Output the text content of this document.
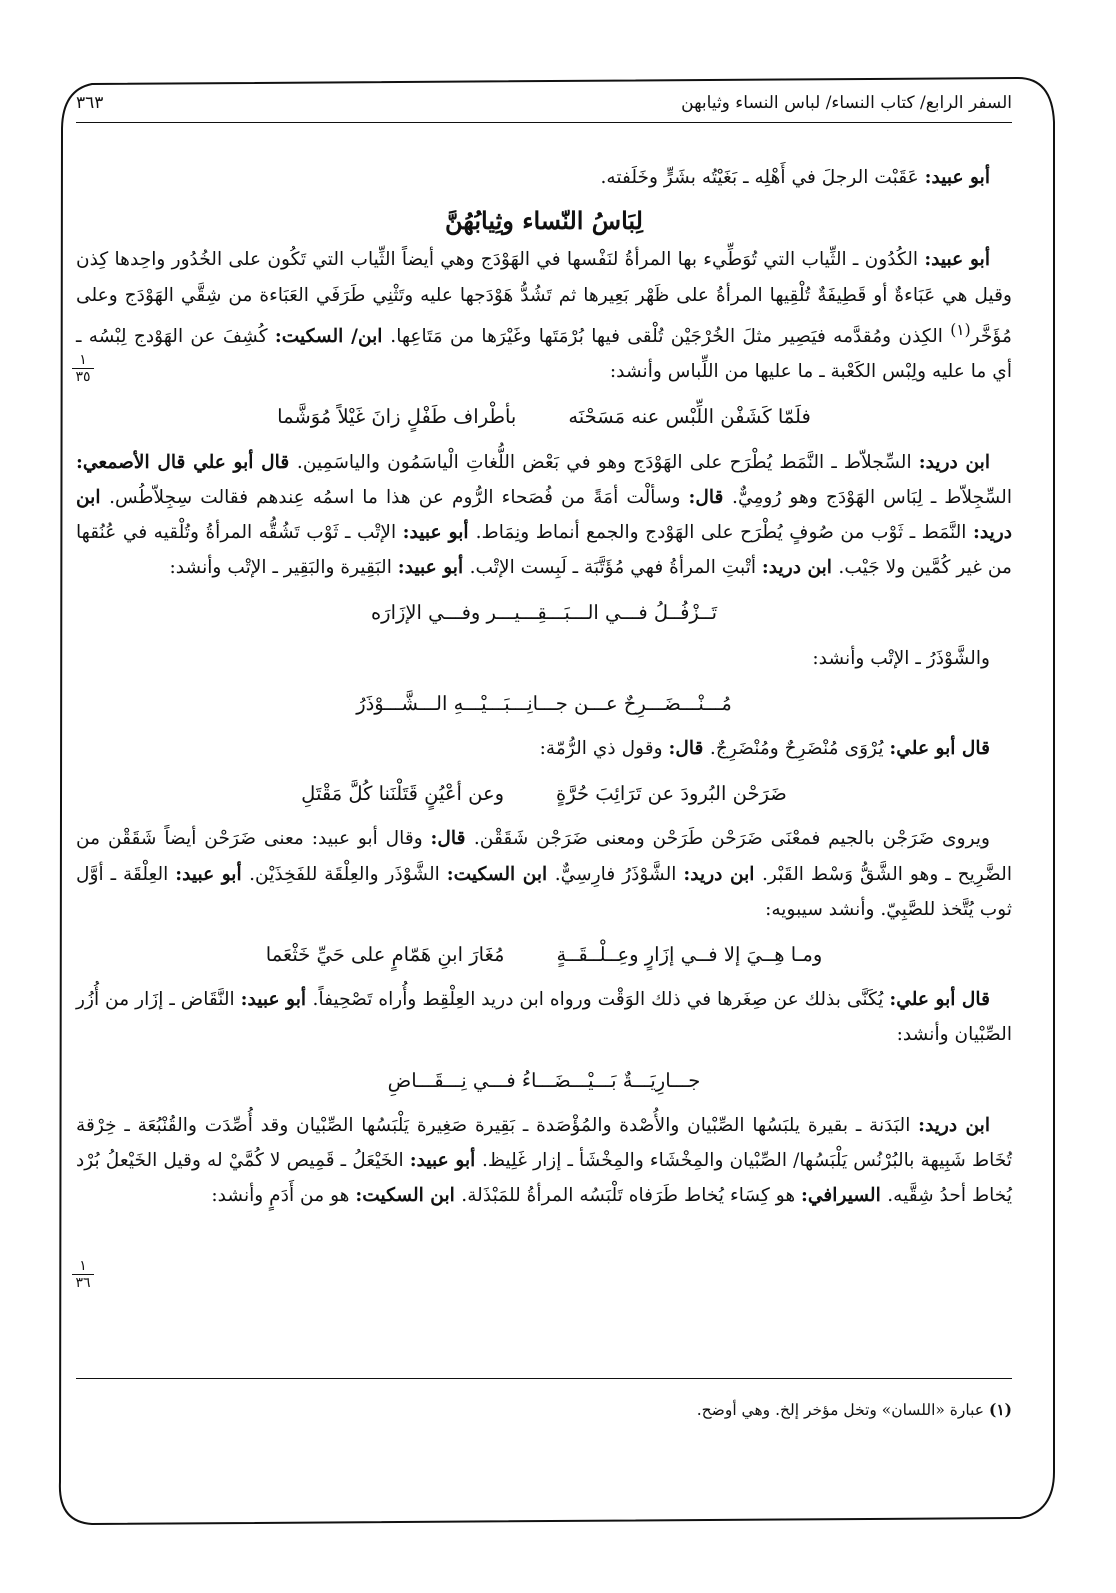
السفر الرابع/ كتاب النساء/ لباس النساء وثيابهن
٣٦٣

أبو عبيد: عَقَبْت الرجلَ في أَهْلِه ـ بَغَيْتُه بشَرٍّ وخَلَفته.

لِبَاسُ النّساء وثِيابُهُنَّ

أبو عبيد: الكُدُون ـ الثِّياب التي تُوَطِّيء بها المرأةُ لنَفْسها في الهَوْدَج وهي أيضاً الثِّياب التي تَكُون على الخُدُور واحِدها كِذن وقيل هي عَبَاءةٌ أو قَطِيفَةٌ تُلْقِيها المرأةُ على ظَهْر بَعِيرها ثم تَشُدُّ هَوْدَجها عليه وتَثْنِي طَرَفَي العَبَاءة من شِقَّي الهَوْدَج وعلى مُؤَخَّر$^{(١)}$ الكِذن ومُقدَّمه فيَصِير مثلَ الخُرْجَيْن تُلْقى فيها بُرْمَتَها وغَيْرَها من مَتَاعِها. ابن/ السكيت: كُشِفَ عن الهَوْدج لِبْسُه ـ أي ما عليه ولِبْس الكَعْبة ـ ما عليها من اللِّباس وأنشد:

فلَمّا كَشَفْن اللِّبْس عنه مَسَحْنَه
بأطْراف طَفْلٍ زانَ غَيْلاً مُوَشَّما

ابن دريد: السِّجلاّط ـ النَّمَط يُطْرَح على الهَوْدَج وهو في بَعْض اللُّغاتِ الْياسَمُون والياسَمِين. قال أبو علي قال الأصمعي: السِّجِلاّط ـ لِبَاس الهَوْدَج وهو رُومِيٌّ. قال: وسألْت أمَةً من فُصَحاء الرُّوم عن هذا ما اسمُه عِندهم فقالت سِجِلاّطُس. ابن دريد: النَّمَط ـ ثَوْب من صُوفٍ يُطْرَح على الهَوْدج والجمع أنماط ونِمَاط. أبو عبيد: الإتْب ـ ثَوْب تَشُقُّه المرأةُ وتُلْقيه في عُنُقها من غير كُمَّين ولا جَيْب. ابن دريد: أتْبتِ المرأةُ فهي مُؤَتَّبَة ـ لَبِست الإتْب. أبو عبيد: البَقِيرة والبَقِير ـ الإتْب وأنشد:

تَــزْفُــلُ فـــي الـــبَـــقِـــيـــر وفـــي الإزَارَه

والشَّوْذَرُ ـ الإتْب وأنشد:

مُـــنْـــضَـــرِحٌ عـــن جـــانِـــبَـــيْـــهِ الـــشَّـــوْذَرُ

قال أبو علي: يُرْوَى مُنْضَرِحٌ ومُنْضَرِجٌ. قال: وقول ذي الرُّمّة:

ضَرَحْن البُرودَ عن تَرَائِبَ حُرَّةٍ
وعن أعْيُنٍ قَتَلْنَنا كُلَّ مَقْتَلِ

ويروى ضَرَجْن بالجيم فمعْنَى ضَرَحْن طَرَحْن ومعنى ضَرَجْن شَقَقْن. قال: وقال أبو عبيد: معنى ضَرَحْن أيضاً شَقَقْن من الضَّرِيح ـ وهو الشَّقُّ وَسْط القَبْر. ابن دريد: الشَّوْذَرُ فارِسِيٌّ. ابن السكيت: الشَّوْذَر والعِلْقَة للفَخِذَيْن. أبو عبيد: العِلْقَة ـ أوَّل ثوب يُتَّخذ للصَّبِيّ. وأنشد سيبويه:

ومـا هِــيَ إلا فــي إزَارٍ وعِــلْــقَــةٍ
مُغَارَ ابنِ هَمّامٍ على حَيِّ خَثْعَما

قال أبو علي: يُكَنَّى بذلك عن صِغَرها في ذلك الوَقْت ورواه ابن دريد العِلْقِط وأُراه تَصْحِيفاً. أبو عبيد: النَّقَاض ـ إزَار من أُزُر الصِّبْيان وأنشد:

جـــارِيَـــةٌ بَـــيْـــضَـــاءُ فـــي نِـــقَـــاضِ

ابن دريد: البَدَنة ـ بقيرة يلبَسُها الصِّبْيان والأُصْدة والمُؤْصَدة ـ بَقِيرة صَغِيرة يَلْبَسُها الصِّبْيان وقد أُصِّدَت والقُنْبُعَة ـ خِرْقة تُخَاط شَبِيهة بالبُرْنُس يَلْبَسُها/ الصِّبْيان والمِخْشَاء والمِخْشَأ ـ إزار غَلِيظ. أبو عبيد: الخَيْعَلُ ـ قَمِيص لا كُمَّيْ له وقيل الخَيْعلُ بُرْد يُخاط أحدُ شِقَّيه. السيرافي: هو كِسَاء يُخاط طَرَفاه تَلْبَسُه المرأةُ للمَبْذَلة. ابن السكيت: هو من أَدَمٍ وأنشد:

(١) عبارة «اللسان» وتخل مؤخر إلخ. وهي أوضح.
١
٣٥
١
٣٦
